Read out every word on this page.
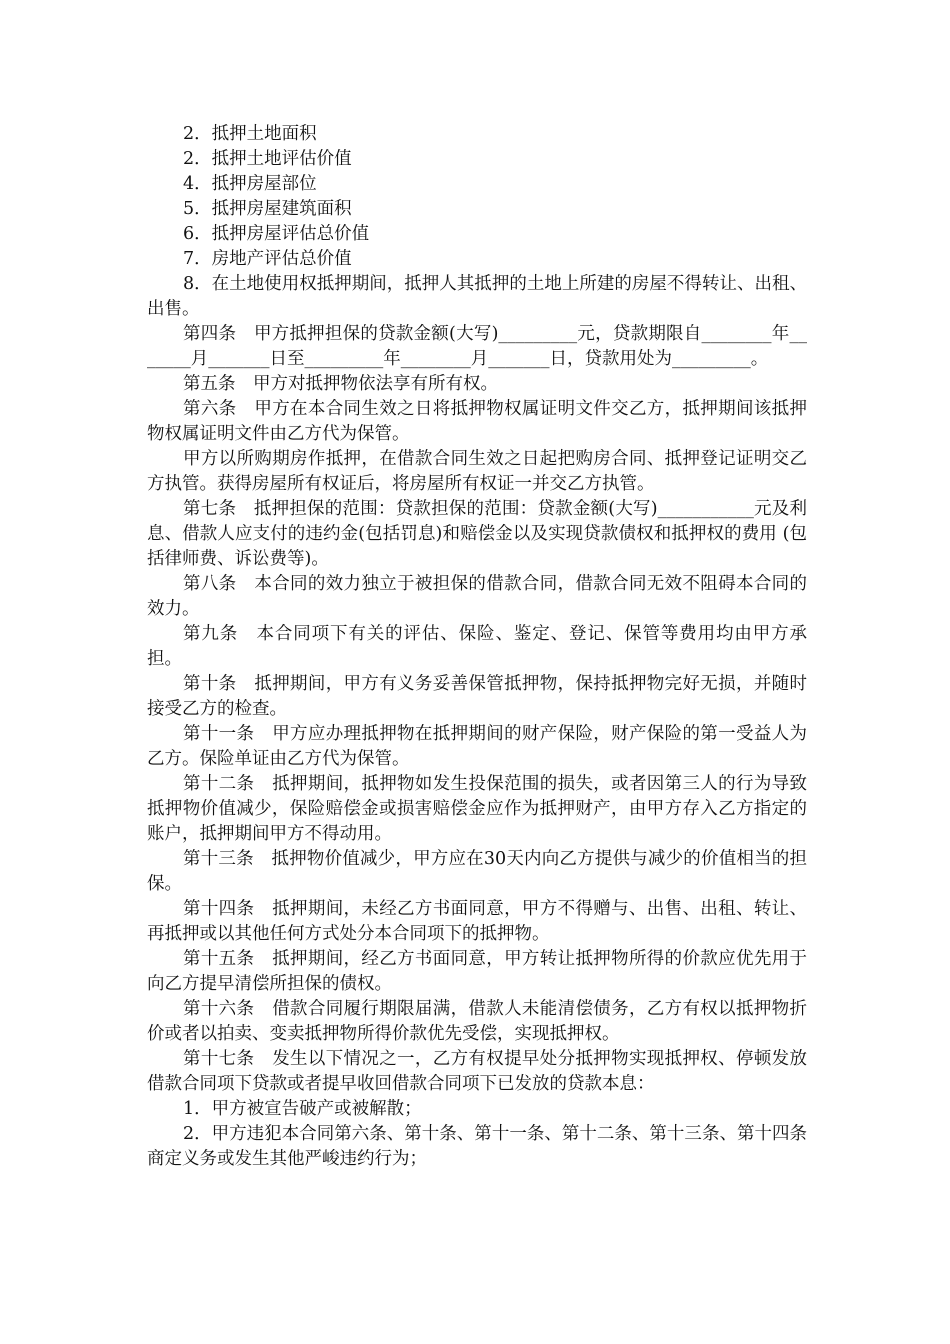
2．抵押土地面积

2．抵押土地评估价值

4．抵押房屋部位

5．抵押房屋建筑面积

6．抵押房屋评估总价值

7．房地产评估总价值

8．在土地使用权抵押期间，抵押人其抵押的土地上所建的房屋不得转让、出租、出售。

第四条　甲方抵押担保的贷款金额(大写)_________元，贷款期限自________年_______月_______日至_________年________月_______日，贷款用处为_________。

第五条　甲方对抵押物依法享有所有权。

第六条　甲方在本合同生效之日将抵押物权属证明文件交乙方，抵押期间该抵押物权属证明文件由乙方代为保管。

甲方以所购期房作抵押，在借款合同生效之日起把购房合同、抵押登记证明交乙方执管。获得房屋所有权证后，将房屋所有权证一并交乙方执管。

第七条　抵押担保的范围：贷款担保的范围：贷款金额(大写)___________元及利息、借款人应支付的违约金(包括罚息)和赔偿金以及实现贷款债权和抵押权的费用 (包括律师费、诉讼费等)。

第八条　本合同的效力独立于被担保的借款合同，借款合同无效不阻碍本合同的效力。

第九条　本合同项下有关的评估、保险、鉴定、登记、保管等费用均由甲方承担。

第十条　抵押期间，甲方有义务妥善保管抵押物，保持抵押物完好无损，并随时接受乙方的检查。

第十一条　甲方应办理抵押物在抵押期间的财产保险，财产保险的第一受益人为乙方。保险单证由乙方代为保管。

第十二条　抵押期间，抵押物如发生投保范围的损失，或者因第三人的行为导致抵押物价值减少，保险赔偿金或损害赔偿金应作为抵押财产，由甲方存入乙方指定的账户，抵押期间甲方不得动用。

第十三条　抵押物价值减少，甲方应在30天内向乙方提供与减少的价值相当的担保。

第十四条　抵押期间，未经乙方书面同意，甲方不得赠与、出售、出租、转让、再抵押或以其他任何方式处分本合同项下的抵押物。

第十五条　抵押期间，经乙方书面同意，甲方转让抵押物所得的价款应优先用于向乙方提早清偿所担保的债权。

第十六条　借款合同履行期限届满，借款人未能清偿债务，乙方有权以抵押物折价或者以拍卖、变卖抵押物所得价款优先受偿，实现抵押权。

第十七条　发生以下情况之一，乙方有权提早处分抵押物实现抵押权、停顿发放借款合同项下贷款或者提早收回借款合同项下已发放的贷款本息：

1．甲方被宣告破产或被解散；

2．甲方违犯本合同第六条、第十条、第十一条、第十二条、第十三条、第十四条商定义务或发生其他严峻违约行为；
